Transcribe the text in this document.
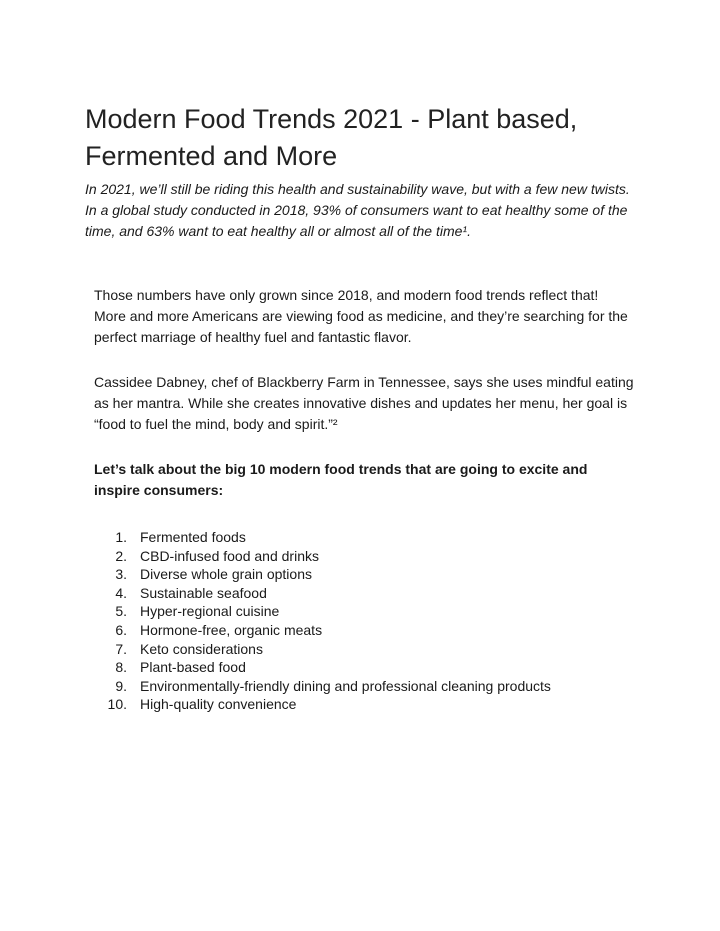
Modern Food Trends 2021 - Plant based, Fermented and More

In 2021, we’ll still be riding this health and sustainability wave, but with a few new twists. In a global study conducted in 2018, 93% of consumers want to eat healthy some of the time, and 63% want to eat healthy all or almost all of the time¹.

Those numbers have only grown since 2018, and modern food trends reflect that! More and more Americans are viewing food as medicine, and they’re searching for the perfect marriage of healthy fuel and fantastic flavor.

Cassidee Dabney, chef of Blackberry Farm in Tennessee, says she uses mindful eating as her mantra. While she creates innovative dishes and updates her menu, her goal is “food to fuel the mind, body and spirit.”²

Let’s talk about the big 10 modern food trends that are going to excite and inspire consumers:

1. Fermented foods
2. CBD-infused food and drinks
3. Diverse whole grain options
4. Sustainable seafood
5. Hyper-regional cuisine
6. Hormone-free, organic meats
7. Keto considerations
8. Plant-based food
9. Environmentally-friendly dining and professional cleaning products
10. High-quality convenience
